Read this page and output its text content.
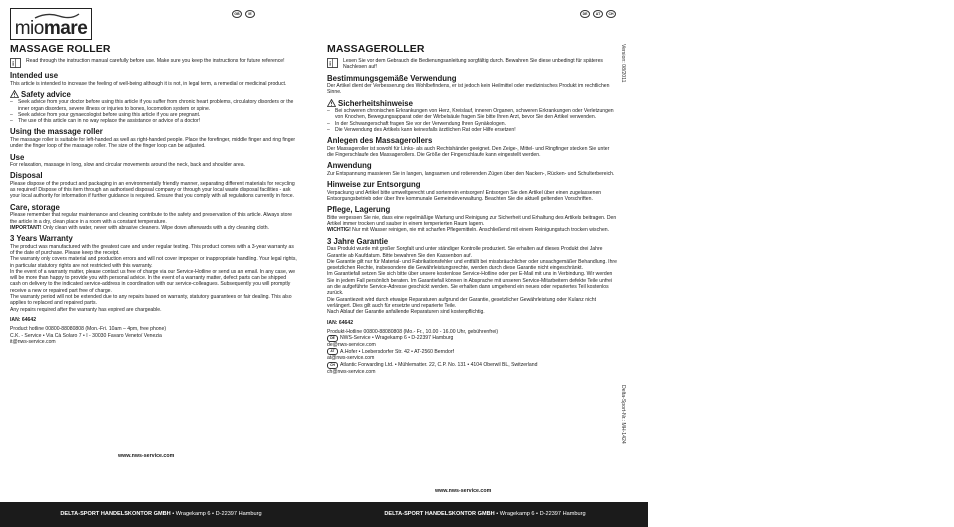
miomare
GB	IE
MASSAGE ROLLER
i

Read through the instruction manual carefully before use. Make sure you keep the instructions for future reference!

Intended use

This article is intended to increase the feeling of well-being although it is not, in legal term, a remedial or medicinal product.

Safety advice
– Seek advice from your doctor before using this article if you suffer from chronic heart problems, circulatory disorders or the inner organ disorders, severe illness or injuries to bones, locomotion system or spine.
– Seek advice from your gynaecologist before using this article if you are pregnant.
– The use of this article can in no way replace the assistance or advice of a doctor!
Using the massage roller

The massage roller is suitable for left-handed as well as right-handed people. Place the forefinger, middle finger and ring finger under the finger loop of the massage roller. The size of the finger loop can be adjusted.

Use

For relaxation, massage in long, slow and circular movements around the neck, back and shoulder area.

Disposal

Please dispose of the product and packaging in an environmentally friendly manner, separating different materials for recycling as required! Dispose of this item through an authorised disposal company or through your local waste disposal facilities - ask your local authority for information if further guidance is required. Ensure that you comply with all regulations currently in force.

Care, storage

Please remember that regular maintenance and cleaning contribute to the safety and preservation of this article. Always store the article in a dry, clean place in a room with a constant temperature.

IMPORTANT! Only clean with water, never with abrasive cleaners. Wipe down afterwards with a dry cleaning cloth.

3 Years Warranty

The product was manufactured with the greatest care and under regular testing. This product comes with a 3-year warranty as of the date of purchase. Please keep the receipt.

The warranty only covers material and production errors and will not cover improper or inappropriate handling. Your legal rights, in particular statutory rights are not restricted with this warranty.

In the event of a warranty matter, please contact us free of charge via our Service-Hotline or send us an email. In any case, we will be more than happy to provide you with personal advice. In the event of a warranty matter, defect parts can be shipped cash on delivery to the indicated service-address in coordination with our service-colleagues. Subsequently you will promptly receive a new or repaired part free of charge.

The warranty period will not be extended due to any repairs based on warranty, statutory guarantees or fair dealing. This also applies to replaced and repaired parts.

Any repairs required after the warranty has expired are chargeable.

IAN: 64642

Product hotline 00800-88080808 (Mon.-Fri. 10am – 4pm, free phone)

C.K. - Service • Via Cà Solaro 7 • I - 30030 Favaro Veneto/ Venezia

it@nws-service.com

www.nws-service.com
DELTA-SPORT HANDELSKONTOR GMBH • Wragekamp 6 • D-22397 Hamburg
DE	AT	CH
MASSAGEROLLER
i

Lesen Sie vor dem Gebrauch die Bedienungsanleitung sorgfältig durch. Bewahren Sie diese unbedingt für späteres Nachlesen auf!

Bestimmungsgemäße Verwendung

Der Artikel dient der Verbesserung des Wohlbefindens, er ist jedoch kein Heilmittel oder medizinisches Produkt im rechtlichen Sinne.

Sicherheitshinweise
– Bei schweren chronischen Erkrankungen von Herz, Kreislauf, inneren Organen, schweren Erkrankungen oder Verletzungen von Knochen, Bewegungsapparat oder der Wirbelsäule fragen Sie bitte Ihren Arzt, bevor Sie den Artikel verwenden.
– In der Schwangerschaft fragen Sie vor der Verwendung Ihren Gynäkologen.
– Die Verwendung des Artikels kann keinesfalls ärztlichen Rat oder Hilfe ersetzen!
Anlegen des Massagerollers

Der Massageroller ist sowohl für Links- als auch Rechtshänder geeignet. Den Zeige-, Mittel- und Ringfinger stecken Sie unter die Fingerschlaufe des Massagerollers. Die Größe der Fingerschlaufe kann eingestellt werden.

Anwendung

Zur Entspannung massieren Sie in langen, langsamen und rotierenden Zügen über den Nacken-, Rücken- und Schulterbereich.

Hinweise zur Entsorgung

Verpackung und Artikel bitte umweltgerecht und sortenrein entsorgen! Entsorgen Sie den Artikel über einen zugelassenen Entsorgungsbetrieb oder über Ihre kommunale Gemeindeverwaltung. Beachten Sie die aktuell geltenden Vorschriften.

Pflege, Lagerung

Bitte vergessen Sie nie, dass eine regelmäßige Wartung und Reinigung zur Sicherheit und Erhaltung des Artikels beitragen. Den Artikel immer trocken und sauber in einem temperierten Raum lagern.

WICHTIG! Nur mit Wasser reinigen, nie mit scharfen Pflegemitteln. Anschließend mit einem Reinigungstuch trocken wischen.

3 Jahre Garantie

Das Produkt wurde mit großer Sorgfalt und unter ständiger Kontrolle produziert. Sie erhalten auf dieses Produkt drei Jahre Garantie ab Kaufdatum. Bitte bewahren Sie den Kassenbon auf.

Die Garantie gilt nur für Material- und Fabrikationsfehler und entfällt bei missbräuchlicher oder unsachgemäßer Behandlung. Ihre gesetzlichen Rechte, insbesondere die Gewährleistungsrechte, werden durch diese Garantie nicht eingeschränkt.

Im Garantiefall setzen Sie sich bitte über unsere kostenlose Service-Hotline oder per E-Mail mit uns in Verbindung. Wir werden Sie in jedem Fall persönlich beraten. Im Garantiefall können in Absprache mit unseren Service-Mitarbeitern defekte Teile unfrei an die aufgeführte Service-Adresse geschickt werden. Sie erhalten dann umgehend ein neues oder repariertes Teil kostenlos zurück.

Die Garantiezeit wird durch etwaige Reparaturen aufgrund der Garantie, gesetzlicher Gewährleistung oder Kulanz nicht verlängert. Dies gilt auch für ersetzte und reparierte Teile.

Nach Ablauf der Garantie anfallende Reparaturen sind kostenpflichtig.

IAN: 64642

Produkt-Hotline 00800-88080808 (Mo.- Fr., 10.00 - 16.00 Uhr, gebührenfrei)

DE	NWS-Service • Wragekamp 6 • D-22397 Hamburg
de@nws-service.com
AT	A.Hofer • Loebersdorfer Str. 42 • AT-2560 Berndorf
at@nws-service.com
CH	Atlantic Forwarding Ltd. • Mühlematter. 22, C.P. No. 131 • 4104 Oberwil BL, Switzerland
ch@nws-service.com
www.nws-service.com
DELTA-SPORT HANDELSKONTOR GMBH • Wragekamp 6 • D-22397 Hamburg
Version: 08/2011
Delta-Sport-Nr.: MH-1424
